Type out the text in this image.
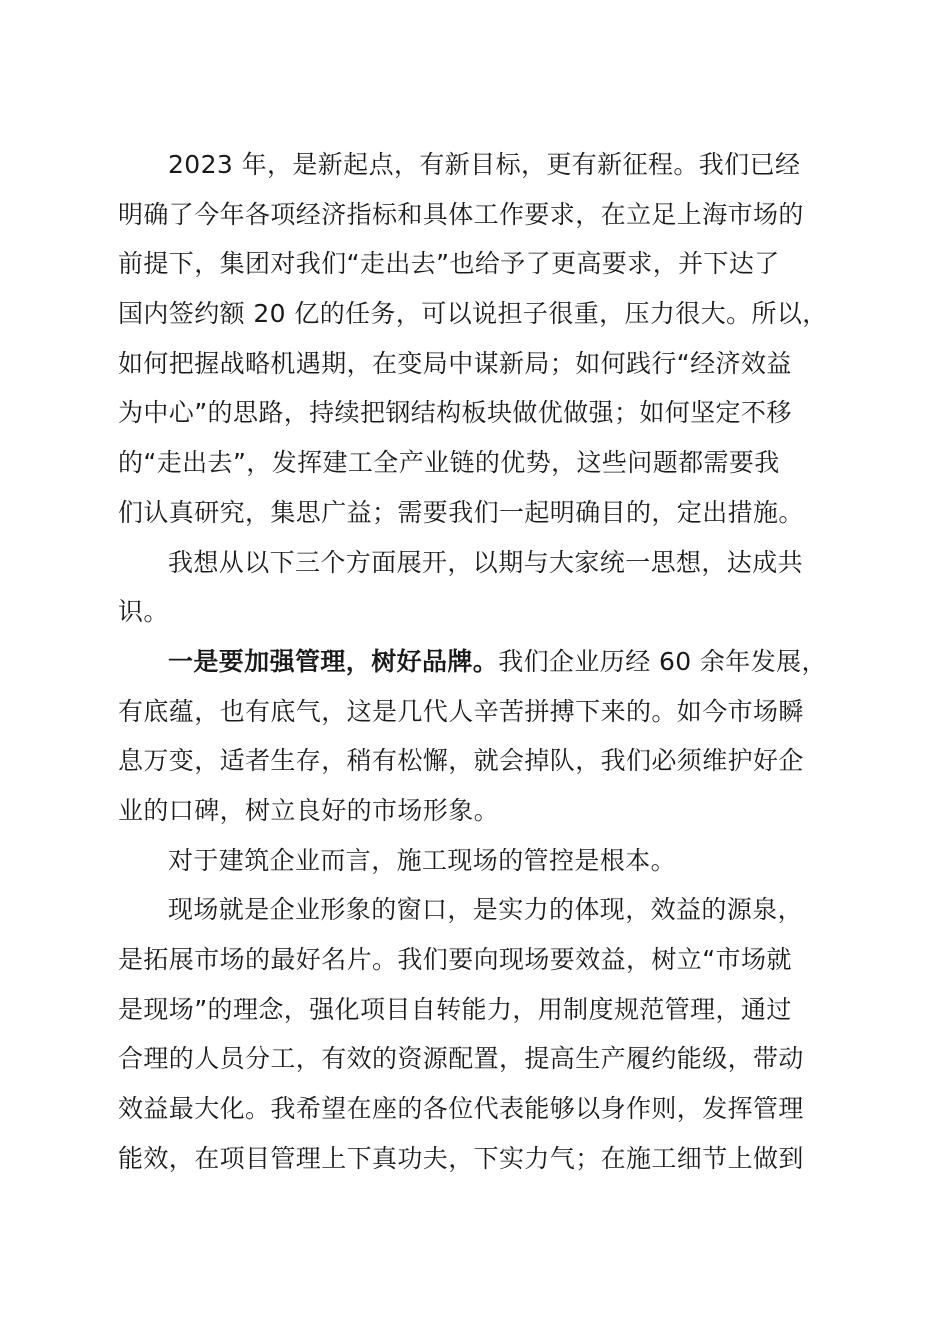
2023 年，是新起点，有新目标，更有新征程。我们已经
明确了今年各项经济指标和具体工作要求，在立足上海市场的
前提下，集团对我们“走出去”也给予了更高要求，并下达了
国内签约额 20 亿的任务，可以说担子很重，压力很大。所以，
如何把握战略机遇期，在变局中谋新局；如何践行“经济效益
为中心”的思路，持续把钢结构板块做优做强；如何坚定不移
的“走出去”，发挥建工全产业链的优势，这些问题都需要我
们认真研究，集思广益；需要我们一起明确目的，定出措施。
我想从以下三个方面展开，以期与大家统一思想，达成共
识。
一是要加强管理，树好品牌。我们企业历经 60 余年发展，
有底蕴，也有底气，这是几代人辛苦拼搏下来的。如今市场瞬
息万变，适者生存，稍有松懈，就会掉队，我们必须维护好企
业的口碑，树立良好的市场形象。
对于建筑企业而言，施工现场的管控是根本。
现场就是企业形象的窗口，是实力的体现，效益的源泉，
是拓展市场的最好名片。我们要向现场要效益，树立“市场就
是现场”的理念，强化项目自转能力，用制度规范管理，通过
合理的人员分工，有效的资源配置，提高生产履约能级，带动
效益最大化。我希望在座的各位代表能够以身作则，发挥管理
能效，在项目管理上下真功夫，下实力气；在施工细节上做到
